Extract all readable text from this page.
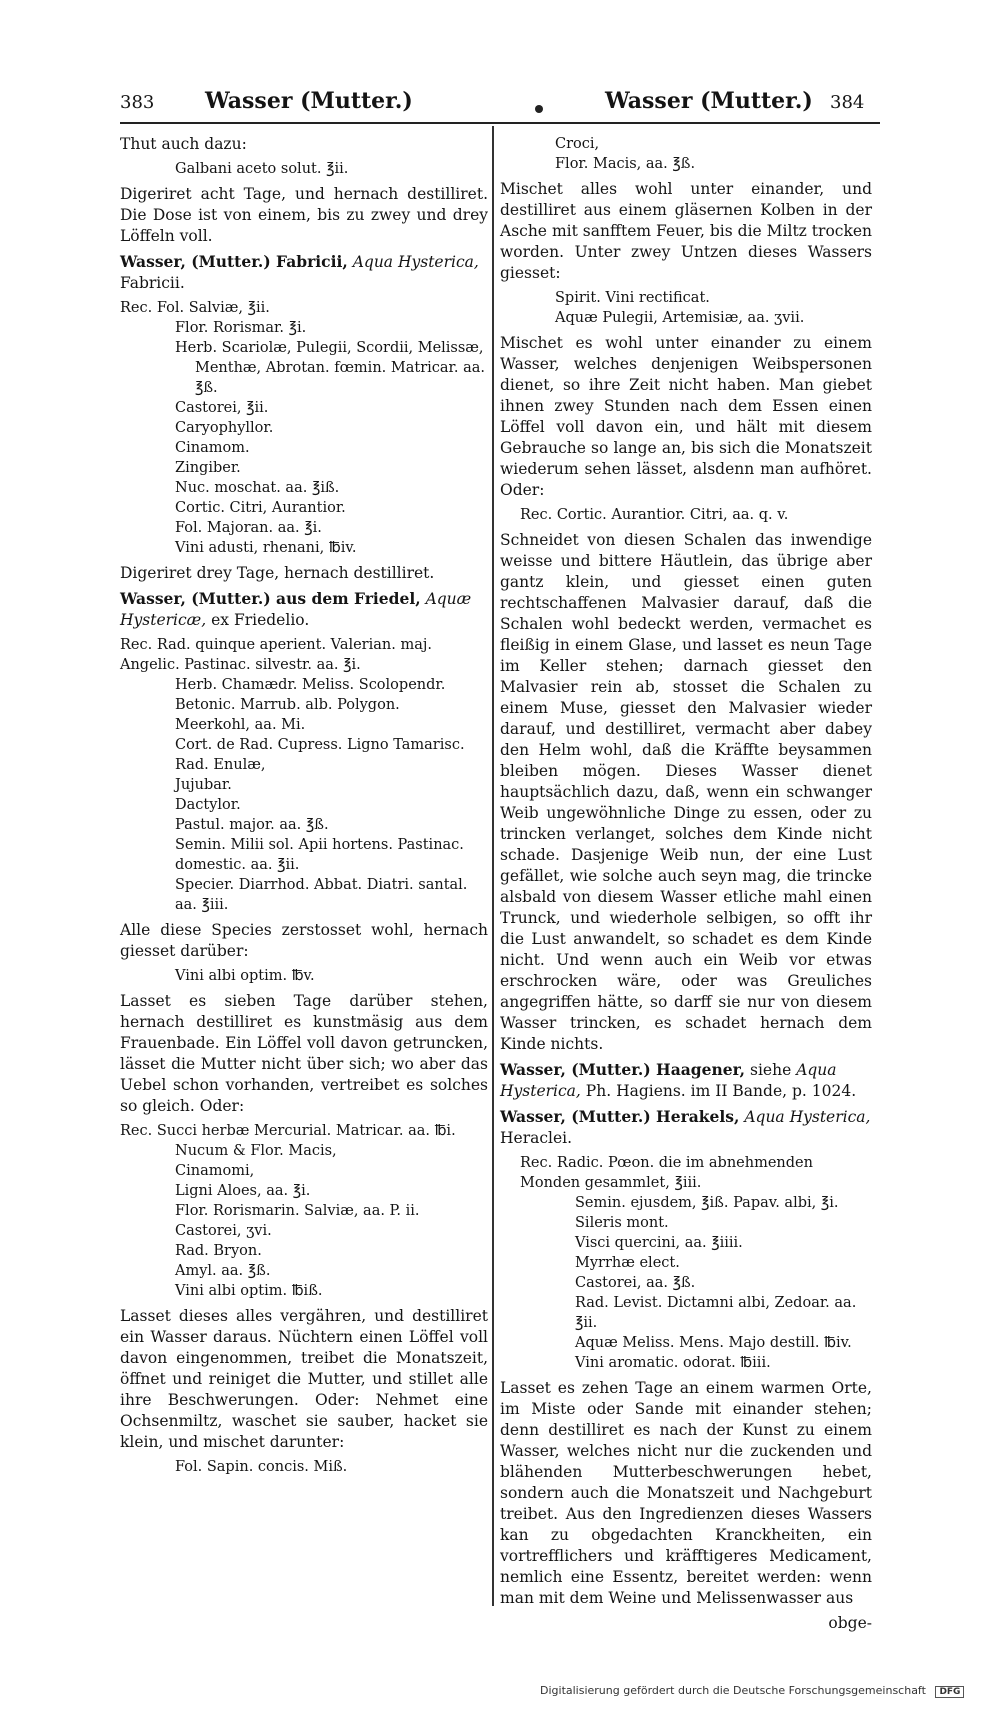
383 Wasser (Mutter.)	Wasser (Mutter.) 384

Thut auch dazu:

Galbani aceto solut. ℥ii.

Digeriret acht Tage, und hernach destilliret. Die Dose ist von einem, bis zu zwey und drey Löffeln voll.

Wasser, (Mutter.) Fabricii, Aqua Hysterica, Fabricii.
Rec. Fol. Salviæ, ℥ii.
Flor. Rorismar. ℥i.
Herb. Scariolæ, Pulegii, Scordii, Melissæ,
Menthæ, Abrotan. fœmin. Matricar. aa. ℥ß.
Castorei, ℥ii.
Caryophyllor.
Cinamom.
Zingiber.
Nuc. moschat. aa. ℥iß.
Cortic. Citri, Aurantior.
Fol. Majoran. aa. ℥i.
Vini adusti, rhenani, ℔iv.

Digeriret drey Tage, hernach destilliret.

Wasser, (Mutter.) aus dem Friedel, Aquæ Hystericæ, ex Friedelio.
Rec. Rad. quinque aperient. Valerian. maj. Angelic. Pastinac. silvestr. aa. ℥i.
Herb. Chamædr. Meliss. Scolopendr. Betonic. Marrub. alb. Polygon.
Meerkohl, aa. Mi.
Cort. de Rad. Cupress. Ligno Tamarisc.
Rad. Enulæ,
Jujubar.
Dactylor.
Pastul. major. aa. ℥ß.
Semin. Milii sol. Apii hortens. Pastinac. domestic. aa. ℥ii.
Specier. Diarrhod. Abbat. Diatri. santal. aa. ℥iii.

Alle diese Species zerstosset wohl, hernach giesset darüber:

Vini albi optim. ℔v.

Lasset es sieben Tage darüber stehen, hernach destilliret es kunstmäsig aus dem Frauenbade. Ein Löffel voll davon getruncken, lässet die Mutter nicht über sich; wo aber das Uebel schon vorhanden, vertreibet es solches so gleich. Oder:

Rec. Succi herbæ Mercurial. Matricar. aa. ℔i.
Nucum & Flor. Macis,
Cinamomi,
Ligni Aloes, aa. ℥i.
Flor. Rorismarin. Salviæ, aa. P. ii.
Castorei, ʒvi.
Rad. Bryon.
Amyl. aa. ℥ß.
Vini albi optim. ℔iß.

Lasset dieses alles vergähren, und destilliret ein Wasser daraus. Nüchtern einen Löffel voll davon eingenommen, treibet die Monatszeit, öffnet und reiniget die Mutter, und stillet alle ihre Beschwerungen. Oder: Nehmet eine Ochsenmiltz, waschet sie sauber, hacket sie klein, und mischet darunter:

Fol. Sapin. concis. Miß.
Croci,
Flor. Macis, aa. ℥ß.

Mischet alles wohl unter einander, und destilliret aus einem gläsernen Kolben in der Asche mit sanfftem Feuer, bis die Miltz trocken worden. Unter zwey Untzen dieses Wassers giesset:

Spirit. Vini rectificat.
Aquæ Pulegii, Artemisiæ, aa. ʒvii.

Mischet es wohl unter einander zu einem Wasser, welches denjenigen Weibspersonen dienet, so ihre Zeit nicht haben. Man giebet ihnen zwey Stunden nach dem Essen einen Löffel voll davon ein, und hält mit diesem Gebrauche so lange an, bis sich die Monatszeit wiederum sehen lässet, alsdenn man aufhöret. Oder:

Rec. Cortic. Aurantior. Citri, aa. q. v.

Schneidet von diesen Schalen das inwendige weisse und bittere Häutlein, das übrige aber gantz klein, und giesset einen guten rechtschaffenen Malvasier darauf, daß die Schalen wohl bedeckt werden, vermachet es fleißig in einem Glase, und lasset es neun Tage im Keller stehen; darnach giesset den Malvasier rein ab, stosset die Schalen zu einem Muse, giesset den Malvasier wieder darauf, und destilliret, vermacht aber dabey den Helm wohl, daß die Kräffte beysammen bleiben mögen. Dieses Wasser dienet hauptsächlich dazu, daß, wenn ein schwanger Weib ungewöhnliche Dinge zu essen, oder zu trincken verlanget, solches dem Kinde nicht schade. Dasjenige Weib nun, der eine Lust gefället, wie solche auch seyn mag, die trincke alsbald von diesem Wasser etliche mahl einen Trunck, und wiederhole selbigen, so offt ihr die Lust anwandelt, so schadet es dem Kinde nicht. Und wenn auch ein Weib vor etwas erschrocken wäre, oder was Greuliches angegriffen hätte, so darff sie nur von diesem Wasser trincken, es schadet hernach dem Kinde nichts.

Wasser, (Mutter.) Haagener, siehe Aqua Hysterica, Ph. Hagiens. im II Bande, p. 1024.
Wasser, (Mutter.) Herakels, Aqua Hysterica, Heraclei.
Rec. Radic. Pœon. die im abnehmenden Monden gesammlet, ℥iii.
Semin. ejusdem, ℥iß. Papav. albi, ℥i. Sileris mont.
Visci quercini, aa. ℥iiii.
Myrrhæ elect.
Castorei, aa. ℥ß.
Rad. Levist. Dictamni albi, Zedoar. aa. ℥ii.
Aquæ Meliss. Mens. Majo destill. ℔iv.
Vini aromatic. odorat. ℔iii.

Lasset es zehen Tage an einem warmen Orte, im Miste oder Sande mit einander stehen; denn destilliret es nach der Kunst zu einem Wasser, welches nicht nur die zuckenden und blähenden Mutterbeschwerungen hebet, sondern auch die Monatszeit und Nachgeburt treibet. Aus den Ingredienzen dieses Wassers kan zu obgedachten Kranckheiten, ein vortrefflichers und kräfftigeres Medicament, nemlich eine Essentz, bereitet werden: wenn man mit dem Weine und Melissenwasser aus

obge-
Digitalisierung gefördert durch die Deutsche Forschungsgemeinschaft DFG
